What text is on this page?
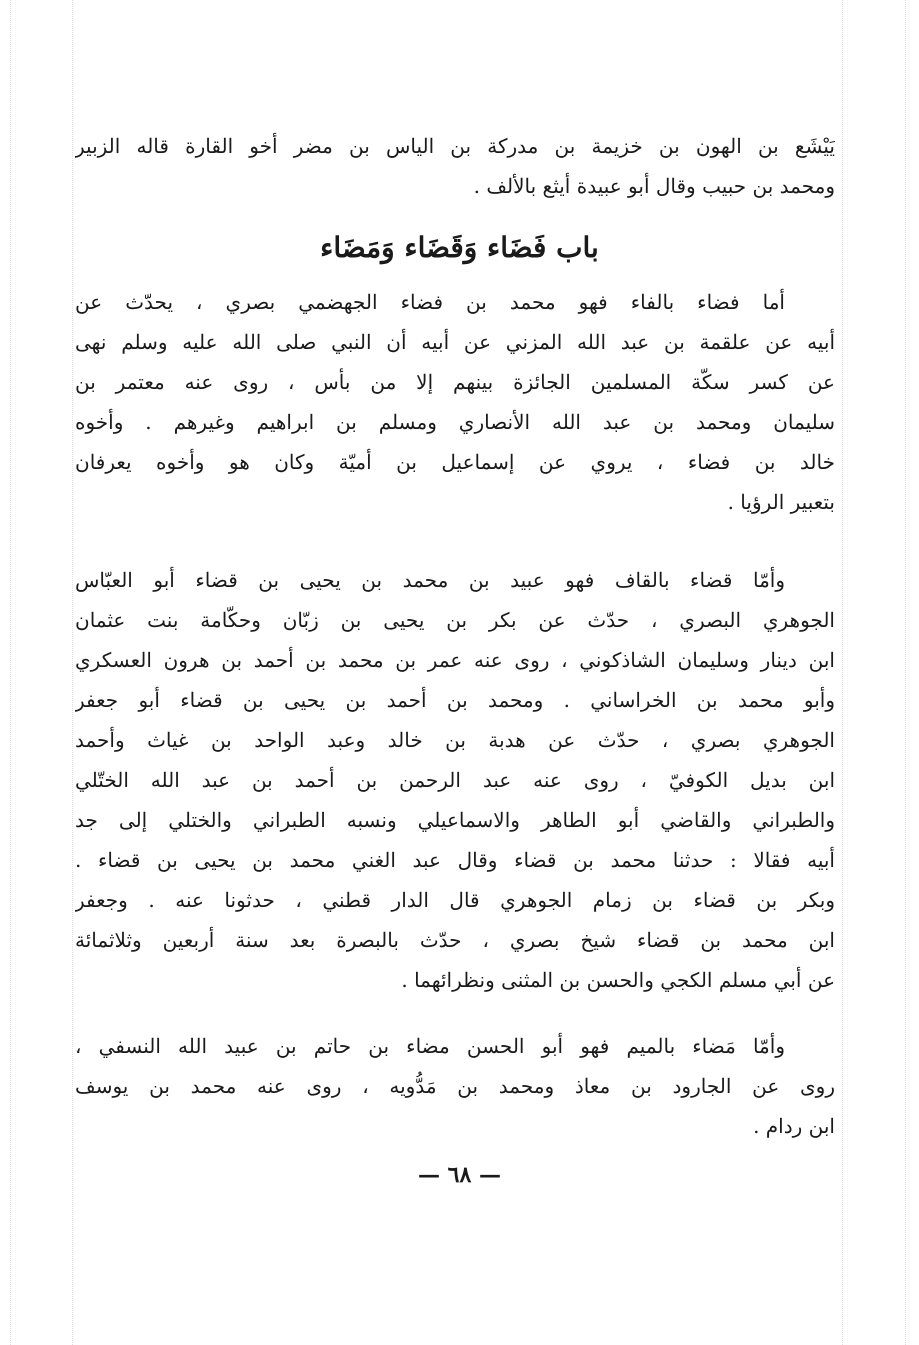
يَيْشَع بن الهون بن خزيمة بن مدركة بن الياس بن مضر أخو القارة قاله الزبير
ومحمد بن حبيب وقال أبو عبيدة أيثع بالألف .
باب فَضَاء وَقَضَاء وَمَضَاء
أما فضاء بالفاء فهو محمد بن فضاء الجهضمي بصري ، يحدّث عن
أبيه عن علقمة بن عبد الله المزني عن أبيه أن النبي صلى الله عليه وسلم نهى
عن كسر سكّة المسلمين الجائزة بينهم إلا من بأس ، روى عنه معتمر بن
سليمان ومحمد بن عبد الله الأنصاري ومسلم بن ابراهيم وغيرهم . وأخوه
خالد بن فضاء ، يروي عن إسماعيل بن أميّة وكان هو وأخوه يعرفان
بتعبير الرؤيا .
وأمّا قضاء بالقاف فهو عبيد بن محمد بن يحيى بن قضاء أبو العبّاس
الجوهري البصري ، حدّث عن بكر بن يحيى بن زبّان وحكّامة بنت عثمان
ابن دينار وسليمان الشاذكوني ، روى عنه عمر بن محمد بن أحمد بن هرون العسكري
وأبو محمد بن الخراساني . ومحمد بن أحمد بن يحيى بن قضاء أبو جعفر
الجوهري بصري ، حدّث عن هدبة بن خالد وعبد الواحد بن غياث وأحمد
ابن بديل الكوفيّ ، روى عنه عبد الرحمن بن أحمد بن عبد الله الختّلي
والطبراني والقاضي أبو الطاهر والاسماعيلي ونسبه الطبراني والختلي إلى جد
أبيه فقالا : حدثنا محمد بن قضاء وقال عبد الغني محمد بن يحيى بن قضاء .
وبكر بن قضاء بن زمام الجوهري قال الدار قطني ، حدثونا عنه . وجعفر
ابن محمد بن قضاء شيخ بصري ، حدّث بالبصرة بعد سنة أربعين وثلاثمائة
عن أبي مسلم الكجي والحسن بن المثنى ونظرائهما .
وأمّا مَضاء بالميم فهو أبو الحسن مضاء بن حاتم بن عبيد الله النسفي ،
روى عن الجارود بن معاذ ومحمد بن مَدُّويه ، روى عنه محمد بن يوسف
ابن ردام .
— ٦٨ —
